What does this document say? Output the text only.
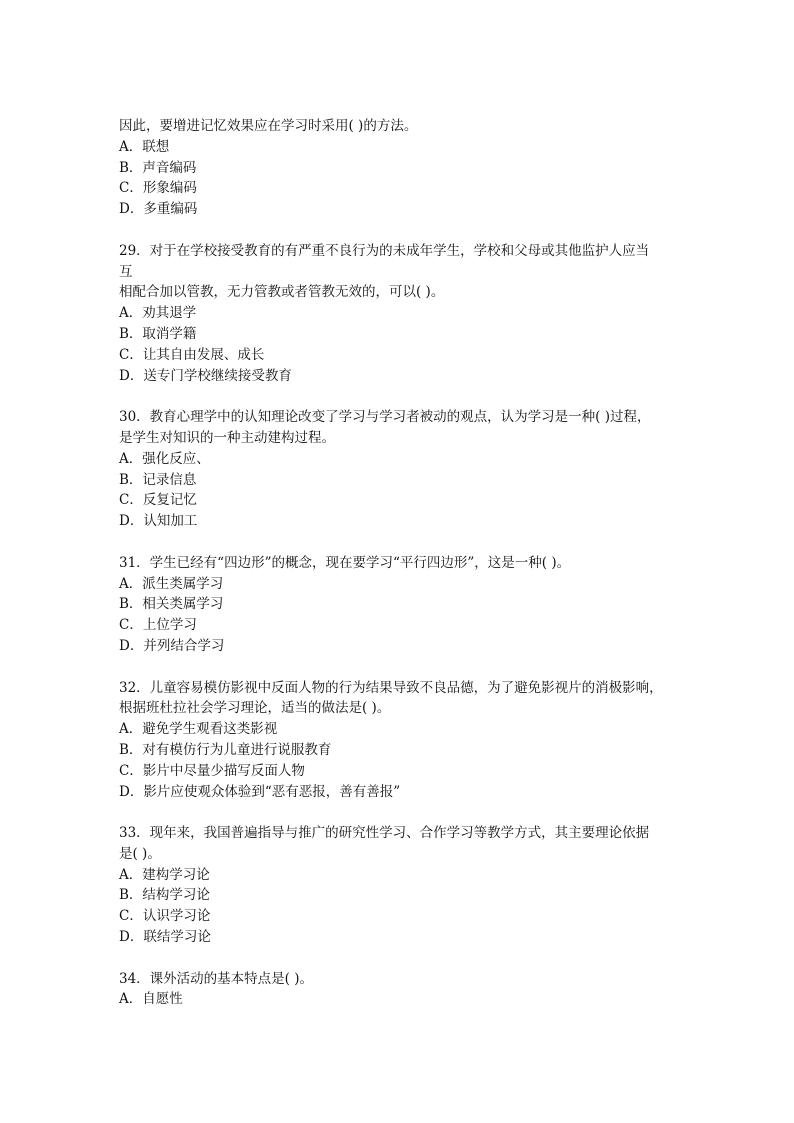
因此，要增进记忆效果应在学习时采用( )的方法。
A．联想
B．声音编码
C．形象编码
D．多重编码
29．对于在学校接受教育的有严重不良行为的未成年学生，学校和父母或其他监护人应当
互
相配合加以管教，无力管教或者管教无效的，可以( )。
A．劝其退学
B．取消学籍
C．让其自由发展、成长
D．送专门学校继续接受教育
30．教育心理学中的认知理论改变了学习与学习者被动的观点，认为学习是一种( )过程，
是学生对知识的一种主动建构过程。
A．强化反应、
B．记录信息
C．反复记忆
D．认知加工
31．学生已经有“四边形”的概念，现在要学习“平行四边形”，这是一种( )。
A．派生类属学习
B．相关类属学习
C．上位学习
D．并列结合学习
32．儿童容易模仿影视中反面人物的行为结果导致不良品德，为了避免影视片的消极影响，
根据班杜拉社会学习理论，适当的做法是( )。
A．避免学生观看这类影视
B．对有模仿行为儿童进行说服教育
C．影片中尽量少描写反面人物
D．影片应使观众体验到“恶有恶报，善有善报”
33．现年来，我国普遍指导与推广的研究性学习、合作学习等教学方式，其主要理论依据
是( )。
A．建构学习论
B．结构学习论
C．认识学习论
D．联结学习论
34．课外活动的基本特点是( )。
A．自愿性
